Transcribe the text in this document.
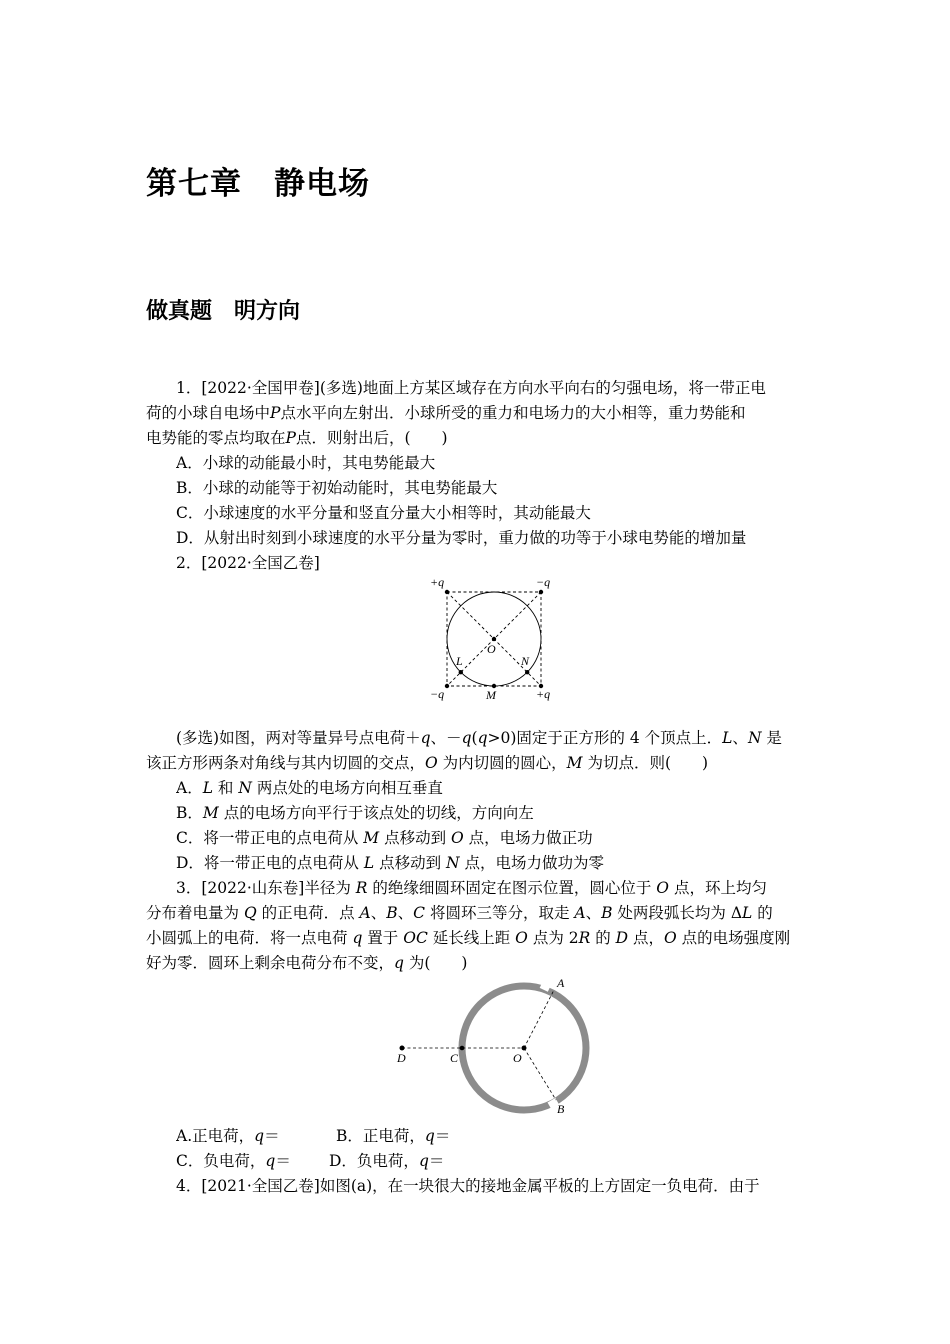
第七章　静电场
做真题　明方向
1．[2022·全国甲卷](多选)地面上方某区域存在方向水平向右的匀强电场，将一带正电
荷的小球自电场中P点水平向左射出．小球所受的重力和电场力的大小相等，重力势能和
电势能的零点均取在P点．则射出后，(　　)
A．小球的动能最小时，其电势能最大
B．小球的动能等于初始动能时，其电势能最大
C．小球速度的水平分量和竖直分量大小相等时，其动能最大
D．从射出时刻到小球速度的水平分量为零时，重力做的功等于小球电势能的增加量
2．[2022·全国乙卷]
+q	−q
−q	+q
O
L	N
M
(多选)如图，两对等量异号点电荷＋q、－q(q>0)固定于正方形的 4 个顶点上．L、N 是
该正方形两条对角线与其内切圆的交点，O 为内切圆的圆心，M 为切点．则(　　)
A．L 和 N 两点处的电场方向相互垂直
B．M 点的电场方向平行于该点处的切线，方向向左
C．将一带正电的点电荷从 M 点移动到 O 点，电场力做正功
D．将一带正电的点电荷从 L 点移动到 N 点，电场力做功为零
3．[2022·山东卷]半径为 R 的绝缘细圆环固定在图示位置，圆心位于 O 点，环上均匀
分布着电量为 Q 的正电荷．点 A、B、C 将圆环三等分，取走 A、B 处两段弧长均为 ΔL 的
小圆弧上的电荷．将一点电荷 q 置于 OC 延长线上距 O 点为 2R 的 D 点，O 点的电场强度刚
好为零．圆环上剩余电荷分布不变，q 为(　　)
A
B
C
D	O
A.正电荷，q＝	B．正电荷，q＝
C．负电荷，q＝ D．负电荷，q＝
4．[2021·全国乙卷]如图(a)，在一块很大的接地金属平板的上方固定一负电荷．由于
